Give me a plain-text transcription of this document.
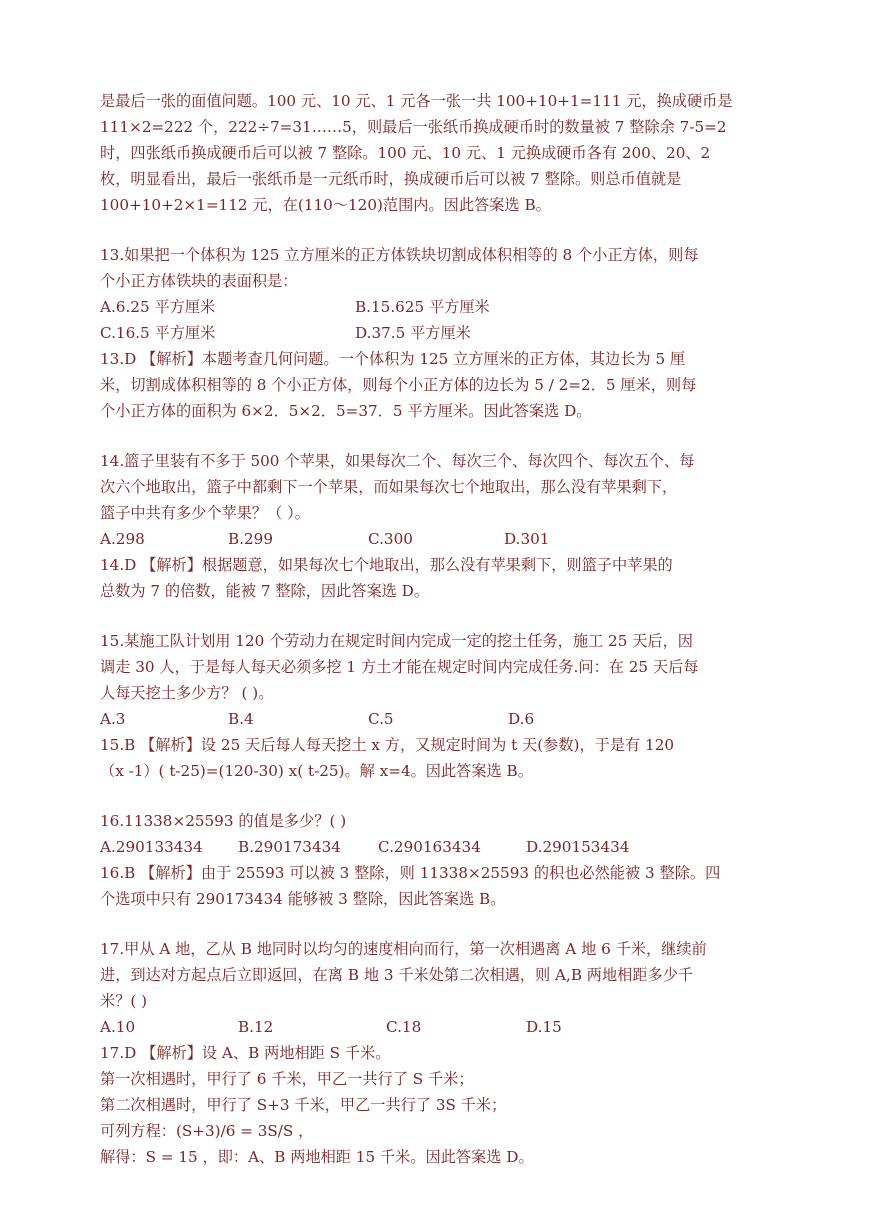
是最后一张的面值问题。100 元、10 元、1 元各一张一共 100+10+1=111 元，换成硬币是
111×2=222 个，222÷7=31……5，则最后一张纸币换成硬币时的数量被 7 整除余 7-5=2
时，四张纸币换成硬币后可以被 7 整除。100 元、10 元、1 元换成硬币各有 200、20、2
枚，明显看出，最后一张纸币是一元纸币时，换成硬币后可以被 7 整除。则总币值就是
100+10+2×1=112 元，在(110～120)范围内。因此答案选 B。
13.如果把一个体积为 125 立方厘米的正方体铁块切割成体积相等的 8 个小正方体，则每
个小正方体铁块的表面积是：
A.6.25 平方厘米	B.15.625 平方厘米
C.16.5 平方厘米	D.37.5 平方厘米
13.D 【解析】本题考查几何问题。一个体积为 125 立方厘米的正方体，其边长为 5 厘
米，切割成体积相等的 8 个小正方体，则每个小正方体的边长为 5 / 2=2．5 厘米，则每
个小正方体的面积为 6×2．5×2．5=37．5 平方厘米。因此答案选 D。
14.篮子里装有不多于 500 个苹果，如果每次二个、每次三个、每次四个、每次五个、每
次六个地取出，篮子中都剩下一个苹果，而如果每次七个地取出，那么没有苹果剩下，
篮子中共有多少个苹果？（ ）。
A.298	B.299	C.300	D.301
14.D 【解析】根据题意，如果每次七个地取出，那么没有苹果剩下，则篮子中苹果的
总数为 7 的倍数，能被 7 整除，因此答案选 D。
15.某施工队计划用 120 个劳动力在规定时间内完成一定的挖土任务，施工 25 天后，因
调走 30 人，于是每人每天必须多挖 1 方土才能在规定时间内完成任务.问：在 25 天后每
人每天挖土多少方？ ( )。
A.3	B.4	C.5	D.6
15.B 【解析】设 25 天后每人每天挖土 x 方，又规定时间为 t 天(参数)，于是有 120
（x -1）( t-25)=(120-30) x( t-25)。解 x=4。因此答案选 B。
16.11338×25593 的值是多少？( )
A.290133434	B.290173434	C.290163434	D.290153434
16.B 【解析】由于 25593 可以被 3 整除，则 11338×25593 的积也必然能被 3 整除。四
个选项中只有 290173434 能够被 3 整除，因此答案选 B。
17.甲从 A 地，乙从 B 地同时以均匀的速度相向而行，第一次相遇离 A 地 6 千米，继续前
进，到达对方起点后立即返回，在离 B 地 3 千米处第二次相遇，则 A,B 两地相距多少千
米？( )
A.10	B.12	C.18	D.15
17.D 【解析】设 A、B 两地相距 S 千米。
第一次相遇时，甲行了 6 千米，甲乙一共行了 S 千米；
第二次相遇时，甲行了 S+3 千米，甲乙一共行了 3S 千米；
可列方程：(S+3)/6 = 3S/S ，
解得：S = 15 ，即：A、B 两地相距 15 千米。因此答案选 D。
